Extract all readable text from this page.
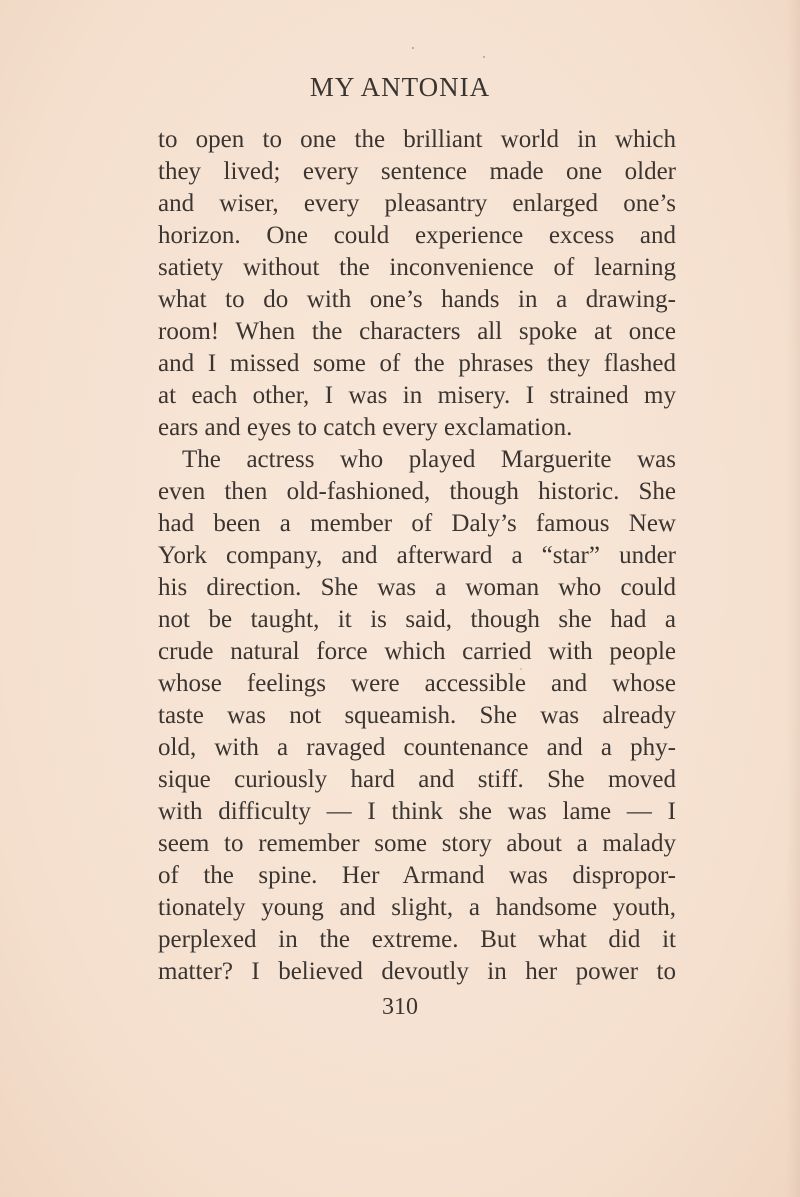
MY ANTONIA
to open to one the brilliant world in which
they lived; every sentence made one older
and wiser, every pleasantry enlarged one’s
horizon. One could experience excess and
satiety without the inconvenience of learning
what to do with one’s hands in a drawing-
room! When the characters all spoke at once
and I missed some of the phrases they flashed
at each other, I was in misery. I strained my
ears and eyes to catch every exclamation.
The actress who played Marguerite was
even then old-fashioned, though historic. She
had been a member of Daly’s famous New
York company, and afterward a “star” under
his direction. She was a woman who could
not be taught, it is said, though she had a
crude natural force which carried with people
whose feelings were accessible and whose
taste was not squeamish. She was already
old, with a ravaged countenance and a phy-
sique curiously hard and stiff. She moved
with difficulty — I think she was lame — I
seem to remember some story about a malady
of the spine. Her Armand was dispropor-
tionately young and slight, a handsome youth,
perplexed in the extreme. But what did it
matter? I believed devoutly in her power to
310
